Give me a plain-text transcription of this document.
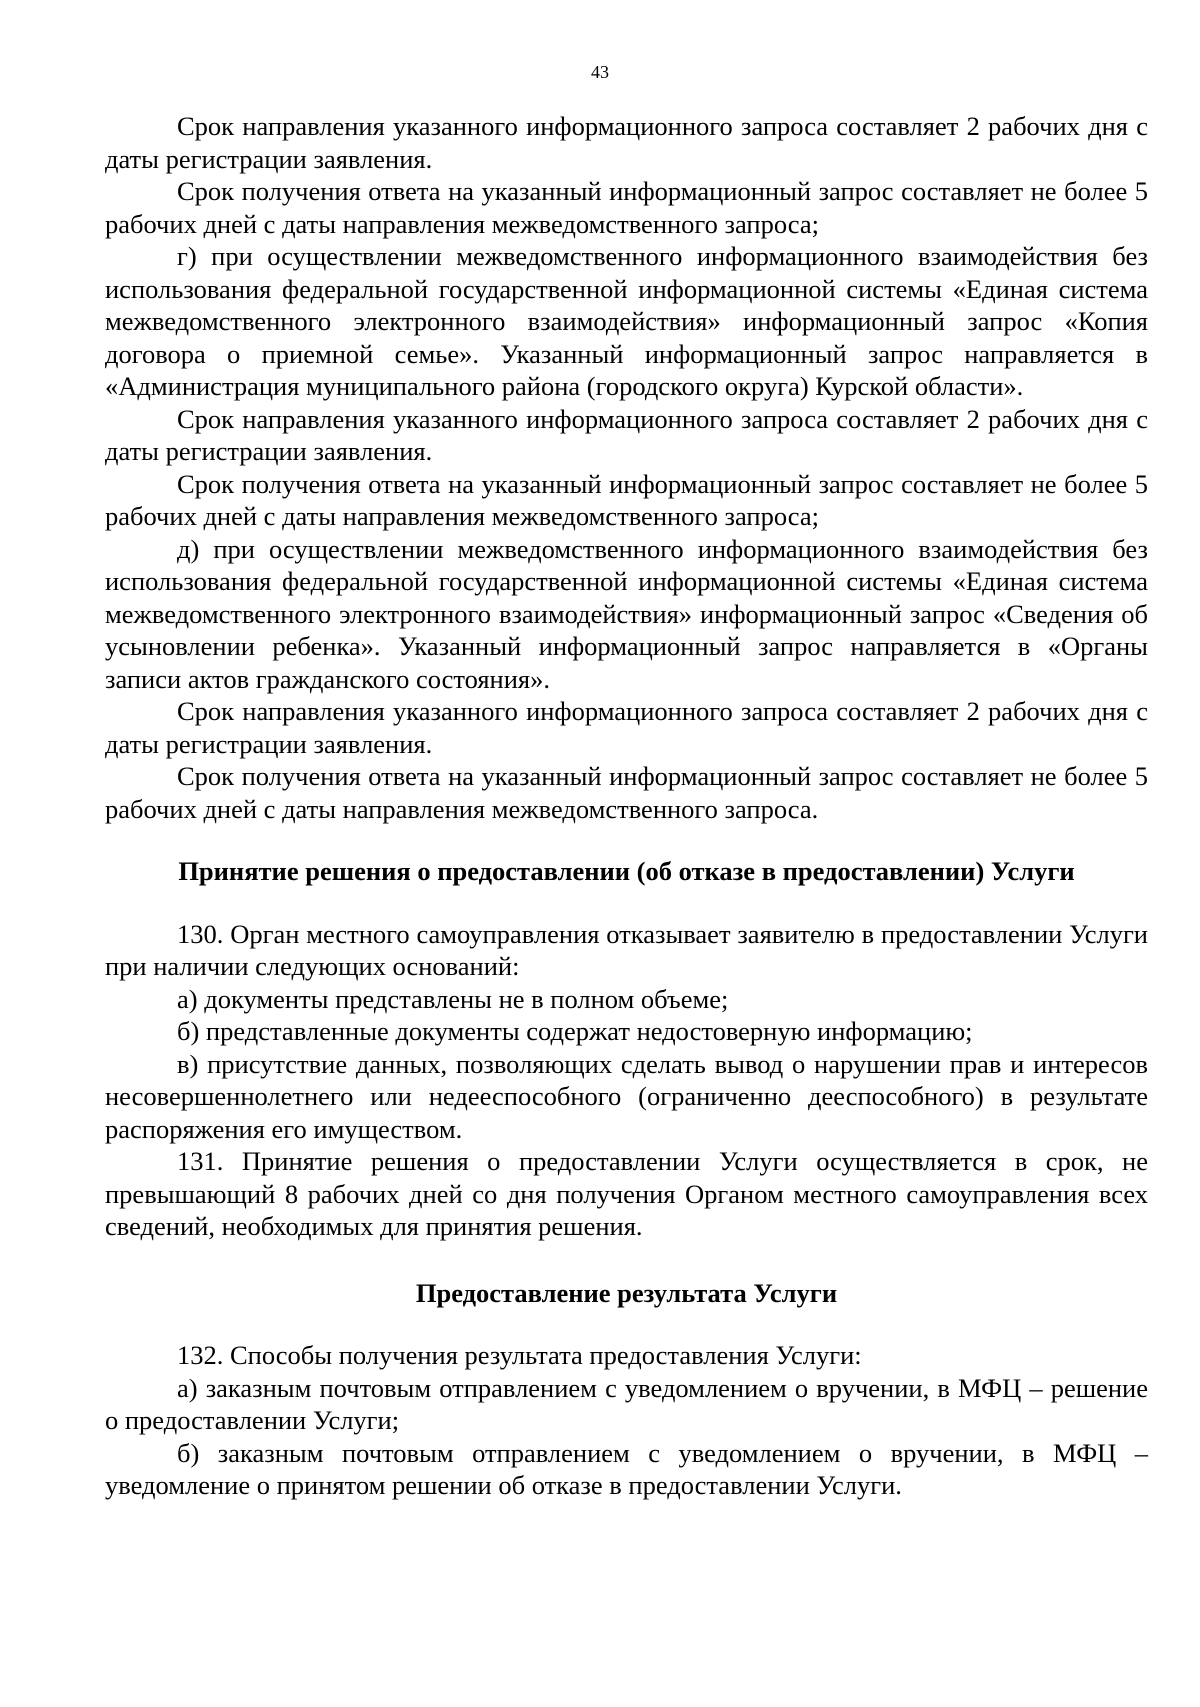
43

Срок направления указанного информационного запроса составляет 2 рабочих дня с даты регистрации заявления.

Срок получения ответа на указанный информационный запрос составляет не более 5 рабочих дней с даты направления межведомственного запроса;

г) при осуществлении межведомственного информационного взаимодействия без использования федеральной государственной информационной системы «Единая система межведомственного электронного взаимодействия» информационный запрос «Копия договора о приемной семье». Указанный информационный запрос направляется в «Администрация муниципального района (городского округа) Курской области».

Срок направления указанного информационного запроса составляет 2 рабочих дня с даты регистрации заявления.

Срок получения ответа на указанный информационный запрос составляет не более 5 рабочих дней с даты направления межведомственного запроса;

д) при осуществлении межведомственного информационного взаимодействия без использования федеральной государственной информационной системы «Единая система межведомственного электронного взаимодействия» информационный запрос «Сведения об усыновлении ребенка». Указанный информационный запрос направляется в «Органы записи актов гражданского состояния».

Срок направления указанного информационного запроса составляет 2 рабочих дня с даты регистрации заявления.

Срок получения ответа на указанный информационный запрос составляет не более 5 рабочих дней с даты направления межведомственного запроса.

Принятие решения о предоставлении (об отказе в предоставлении) Услуги

130. Орган местного самоуправления отказывает заявителю в предоставлении Услуги при наличии следующих оснований:

а) документы представлены не в полном объеме;

б) представленные документы содержат недостоверную информацию;

в) присутствие данных, позволяющих сделать вывод о нарушении прав и интересов несовершеннолетнего или недееспособного (ограниченно дееспособного) в результате распоряжения его имуществом.

131. Принятие решения о предоставлении Услуги осуществляется в срок, не превышающий 8 рабочих дней со дня получения Органом местного самоуправления всех сведений, необходимых для принятия решения.

Предоставление результата Услуги

132. Способы получения результата предоставления Услуги:

а) заказным почтовым отправлением с уведомлением о вручении, в МФЦ – решение о предоставлении Услуги;

б) заказным почтовым отправлением с уведомлением о вручении, в МФЦ – уведомление о принятом решении об отказе в предоставлении Услуги.
